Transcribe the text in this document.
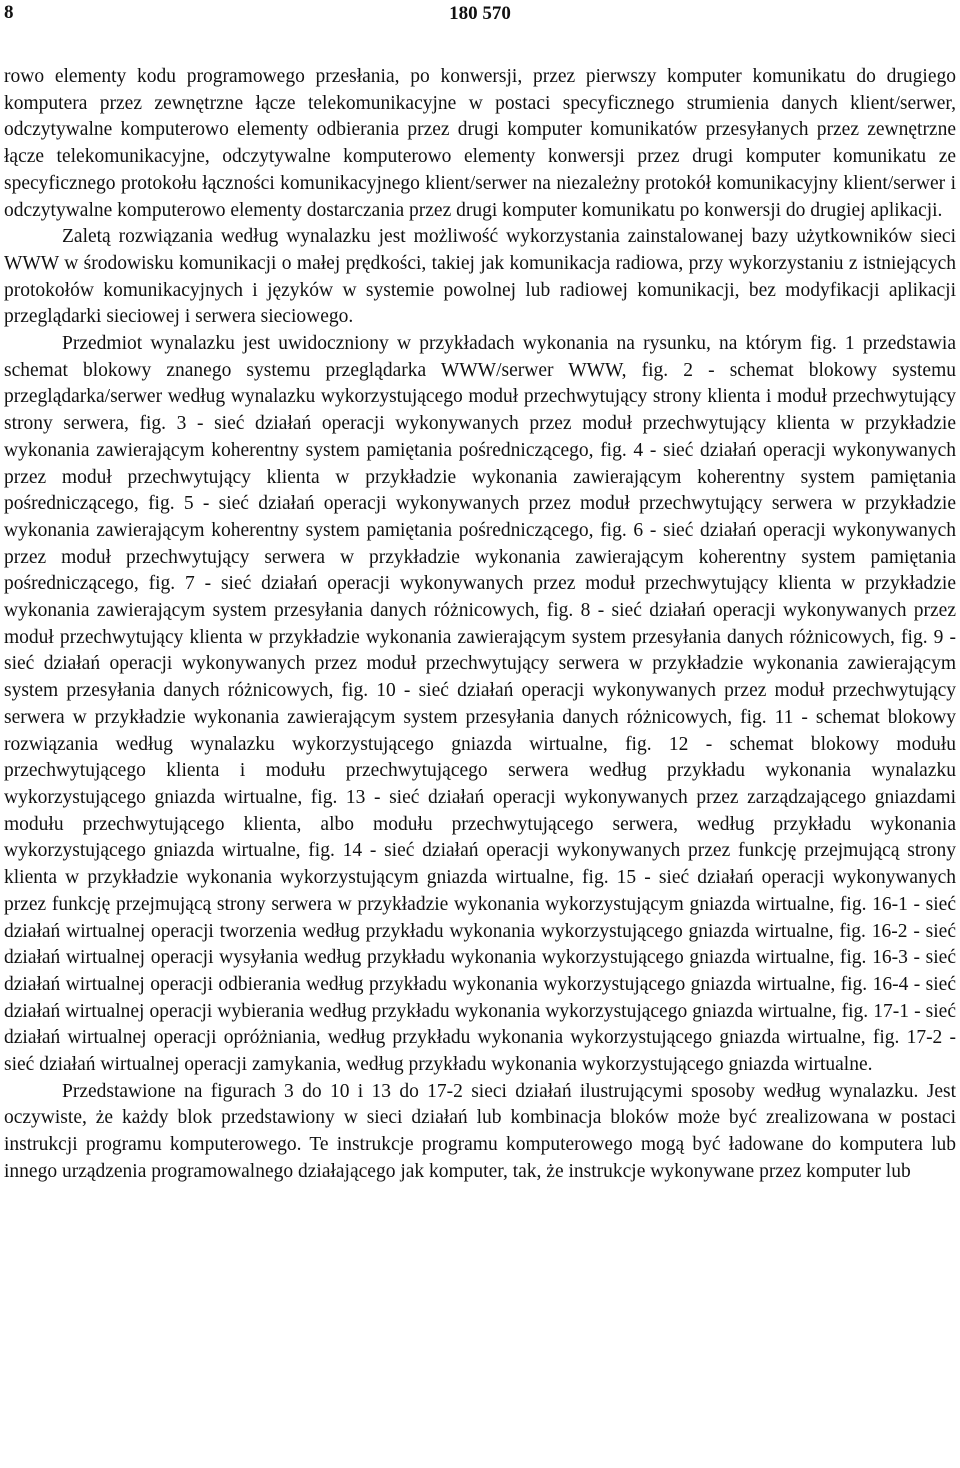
8	180 570

rowo elementy kodu programowego przesłania, po konwersji, przez pierwszy komputer komunikatu do drugiego komputera przez zewnętrzne łącze telekomunikacyjne w postaci specyficznego strumienia danych klient/serwer, odczytywalne komputerowo elementy odbierania przez drugi komputer komunikatów przesyłanych przez zewnętrzne łącze telekomunikacyjne, odczytywalne komputerowo elementy konwersji przez drugi komputer komunikatu ze specyficznego protokołu łączności komunikacyjnego klient/serwer na niezależny protokół komunikacyjny klient/serwer i odczytywalne komputerowo elementy dostarczania przez drugi komputer komunikatu po konwersji do drugiej aplikacji.

Zaletą rozwiązania według wynalazku jest możliwość wykorzystania zainstalowanej bazy użytkowników sieci WWW w środowisku komunikacji o małej prędkości, takiej jak komunikacja radiowa, przy wykorzystaniu z istniejących protokołów komunikacyjnych i języków w systemie powolnej lub radiowej komunikacji, bez modyfikacji aplikacji przeglądarki sieciowej i serwera sieciowego.

Przedmiot wynalazku jest uwidoczniony w przykładach wykonania na rysunku, na którym fig. 1 przedstawia schemat blokowy znanego systemu przeglądarka WWW/serwer WWW, fig. 2 - schemat blokowy systemu przeglądarka/serwer według wynalazku wykorzystującego moduł przechwytujący strony klienta i moduł przechwytujący strony serwera, fig. 3 - sieć działań operacji wykonywanych przez moduł przechwytujący klienta w przykładzie wykonania zawierającym koherentny system pamiętania pośredniczącego, fig. 4 - sieć działań operacji wykonywanych przez moduł przechwytujący klienta w przykładzie wykonania zawierającym koherentny system pamiętania pośredniczącego, fig. 5 - sieć działań operacji wykonywanych przez moduł przechwytujący serwera w przykładzie wykonania zawierającym koherentny system pamiętania pośredniczącego, fig. 6 - sieć działań operacji wykonywanych przez moduł przechwytujący serwera w przykładzie wykonania zawierającym koherentny system pamiętania pośredniczącego, fig. 7 - sieć działań operacji wykonywanych przez moduł przechwytujący klienta w przykładzie wykonania zawierającym system przesyłania danych różnicowych, fig. 8 - sieć działań operacji wykonywanych przez moduł przechwytujący klienta w przykładzie wykonania zawierającym system przesyłania danych różnicowych, fig. 9 - sieć działań operacji wykonywanych przez moduł przechwytujący serwera w przykładzie wykonania zawierającym system przesyłania danych różnicowych, fig. 10 - sieć działań operacji wykonywanych przez moduł przechwytujący serwera w przykładzie wykonania zawierającym system przesyłania danych różnicowych, fig. 11 - schemat blokowy rozwiązania według wynalazku wykorzystującego gniazda wirtualne, fig. 12 - schemat blokowy modułu przechwytującego klienta i modułu przechwytującego serwera według przykładu wykonania wynalazku wykorzystującego gniazda wirtualne, fig. 13 - sieć działań operacji wykonywanych przez zarządzającego gniazdami modułu przechwytującego klienta, albo modułu przechwytującego serwera, według przykładu wykonania wykorzystującego gniazda wirtualne, fig. 14 - sieć działań operacji wykonywanych przez funkcję przejmującą strony klienta w przykładzie wykonania wykorzystującym gniazda wirtualne, fig. 15 - sieć działań operacji wykonywanych przez funkcję przejmującą strony serwera w przykładzie wykonania wykorzystującym gniazda wirtualne, fig. 16-1 - sieć działań wirtualnej operacji tworzenia według przykładu wykonania wykorzystującego gniazda wirtualne, fig. 16-2 - sieć działań wirtualnej operacji wysyłania według przykładu wykonania wykorzystującego gniazda wirtualne, fig. 16-3 - sieć działań wirtualnej operacji odbierania według przykładu wykonania wykorzystującego gniazda wirtualne, fig. 16-4 - sieć działań wirtualnej operacji wybierania według przykładu wykonania wykorzystującego gniazda wirtualne, fig. 17-1 - sieć działań wirtualnej operacji opróżniania, według przykładu wykonania wykorzystującego gniazda wirtualne, fig. 17-2 - sieć działań wirtualnej operacji zamykania, według przykładu wykonania wykorzystującego gniazda wirtualne.

Przedstawione na figurach 3 do 10 i 13 do 17-2 sieci działań ilustrującymi sposoby według wynalazku. Jest oczywiste, że każdy blok przedstawiony w sieci działań lub kombinacja bloków może być zrealizowana w postaci instrukcji programu komputerowego. Te instrukcje programu komputerowego mogą być ładowane do komputera lub innego urządzenia programowalnego działającego jak komputer, tak, że instrukcje wykonywane przez komputer lub
